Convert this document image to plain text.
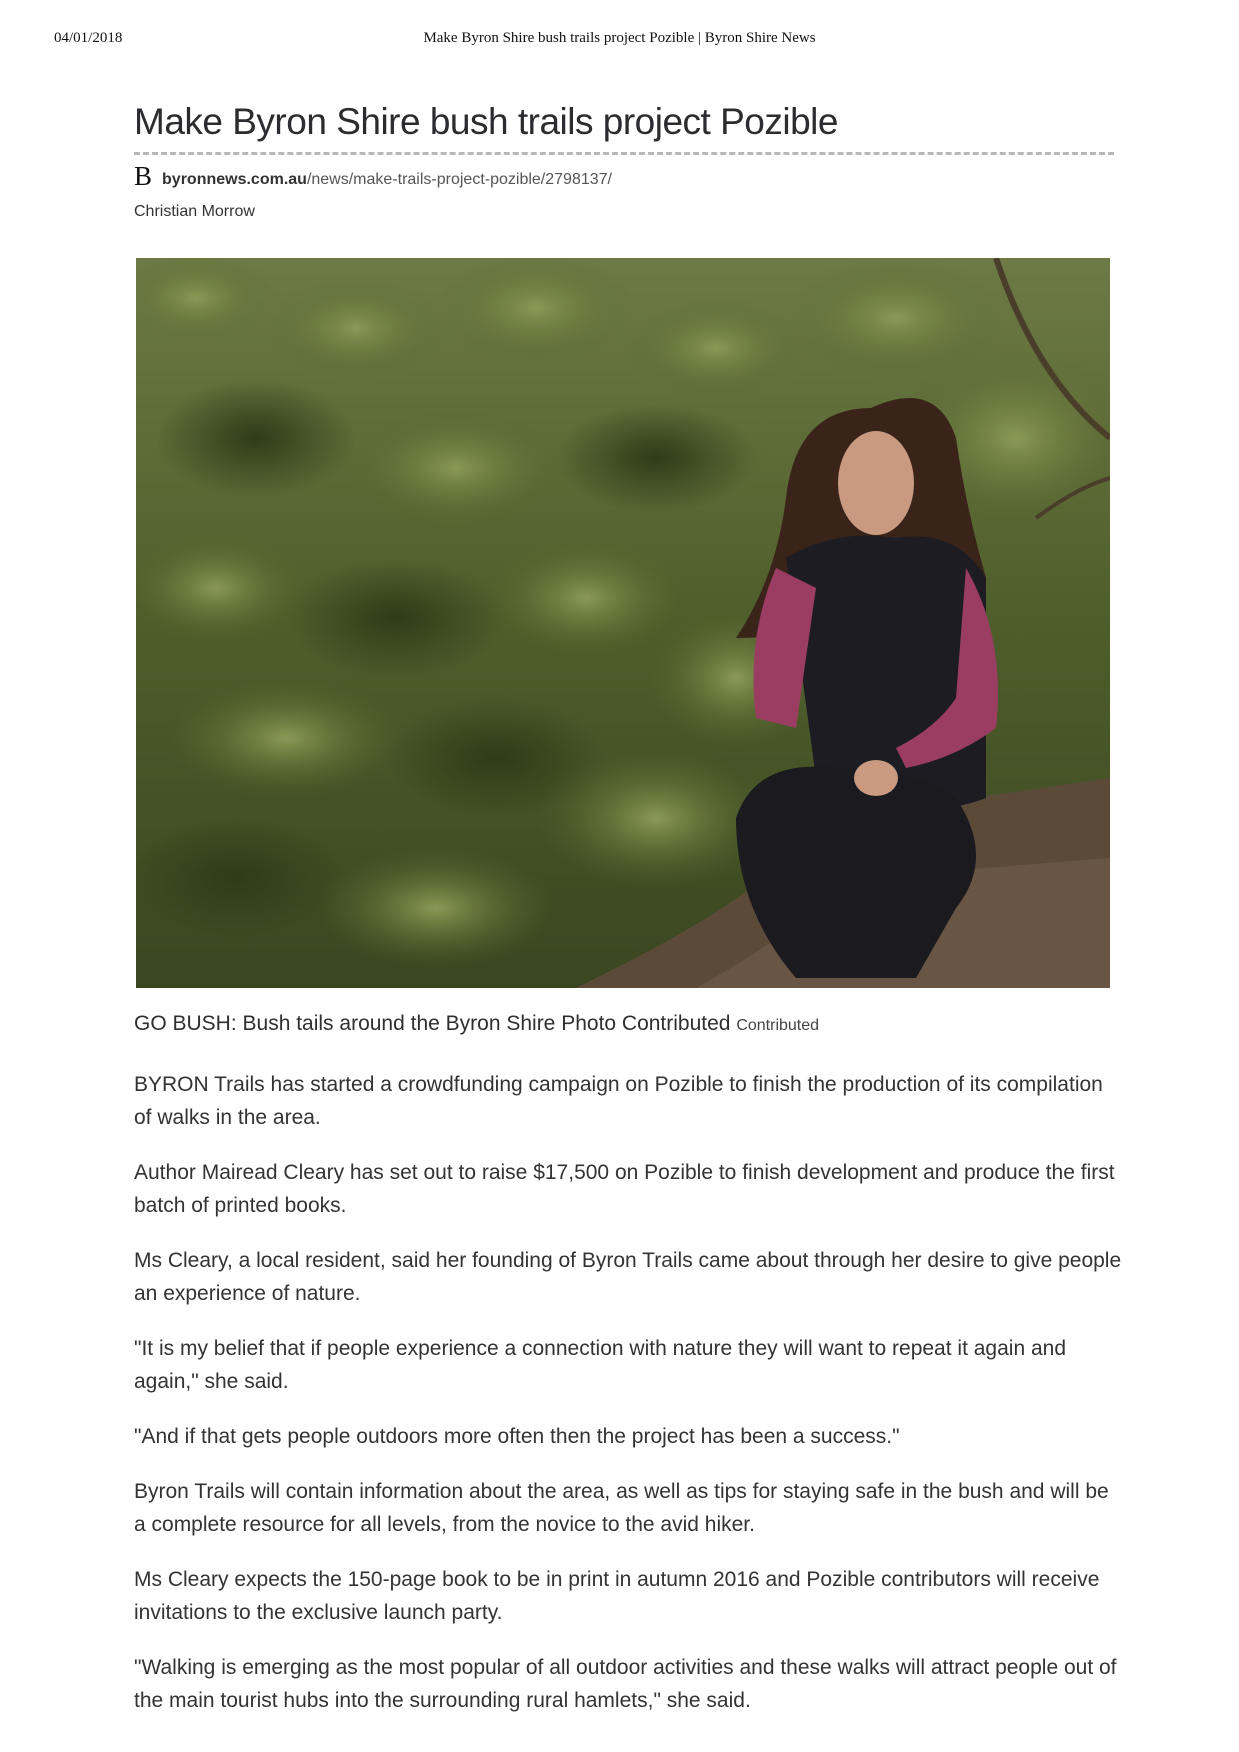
04/01/2018	Make Byron Shire bush trails project Pozible | Byron Shire News
Make Byron Shire bush trails project Pozible
B byronnews.com.au/news/make-trails-project-pozible/2798137/
Christian Morrow
GO BUSH: Bush tails around the Byron Shire Photo Contributed Contributed

BYRON Trails has started a crowdfunding campaign on Pozible to finish the production of its compilation of walks in the area.

Author Mairead Cleary has set out to raise $17,500 on Pozible to finish development and produce the first batch of printed books.

Ms Cleary, a local resident, said her founding of Byron Trails came about through her desire to give people an experience of nature.

"It is my belief that if people experience a connection with nature they will want to repeat it again and again," she said.

"And if that gets people outdoors more often then the project has been a success."

Byron Trails will contain information about the area, as well as tips for staying safe in the bush and will be a complete resource for all levels, from the novice to the avid hiker.

Ms Cleary expects the 150-page book to be in print in autumn 2016 and Pozible contributors will receive invitations to the exclusive launch party.

"Walking is emerging as the most popular of all outdoor activities and these walks will attract people out of the main tourist hubs into the surrounding rural hamlets," she said.
